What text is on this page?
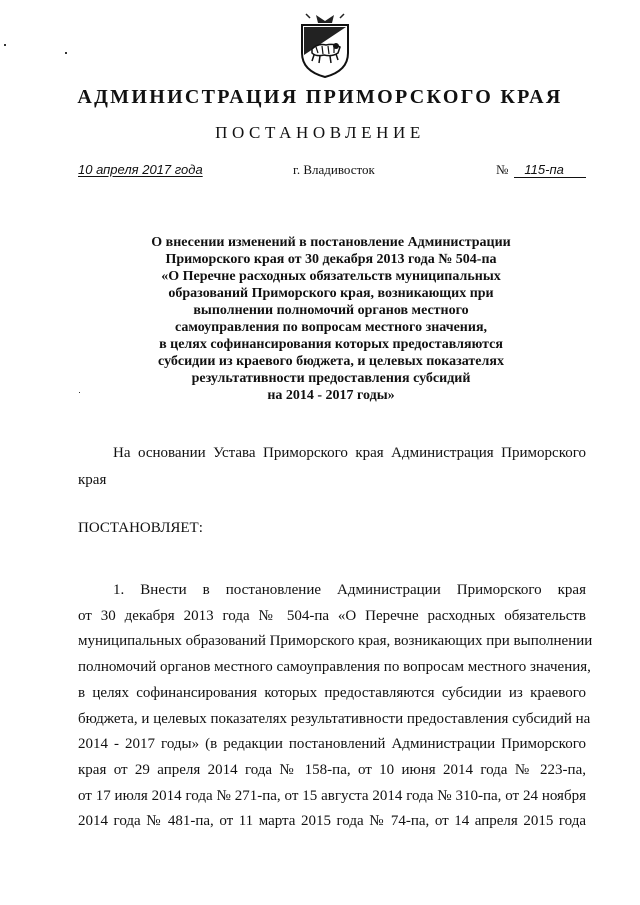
АДМИНИСТРАЦИЯ ПРИМОРСКОГО КРАЯ
ПОСТАНОВЛЕНИЕ
10 апреля 2017 года	г. Владивосток	№ 115-па
О внесении изменений в постановление Администрации
Приморского края от 30 декабря 2013 года № 504-па
«О Перечне расходных обязательств муниципальных
образований Приморского края, возникающих при
выполнении полномочий органов местного
самоуправления по вопросам местного значения,
в целях софинансирования которых предоставляются
субсидии из краевого бюджета, и целевых показателях
результативности предоставления субсидий
на 2014 - 2017 годы»
На основании Устава Приморского края Администрация Приморского
края
ПОСТАНОВЛЯЕТ:
1. Внести в постановление Администрации Приморского края
от 30 декабря 2013 года № 504-па «О Перечне расходных обязательств
муниципальных образований Приморского края, возникающих при выполнении
полномочий органов местного самоуправления по вопросам местного значения,
в целях софинансирования которых предоставляются субсидии из краевого
бюджета, и целевых показателях результативности предоставления субсидий на
2014 - 2017 годы» (в редакции постановлений Администрации Приморского
края от 29 апреля 2014 года № 158-па, от 10 июня 2014 года № 223-па,
от 17 июля 2014 года № 271-па, от 15 августа 2014 года № 310-па, от 24 ноября
2014 года № 481-па, от 11 марта 2015 года № 74-па, от 14 апреля 2015 года
